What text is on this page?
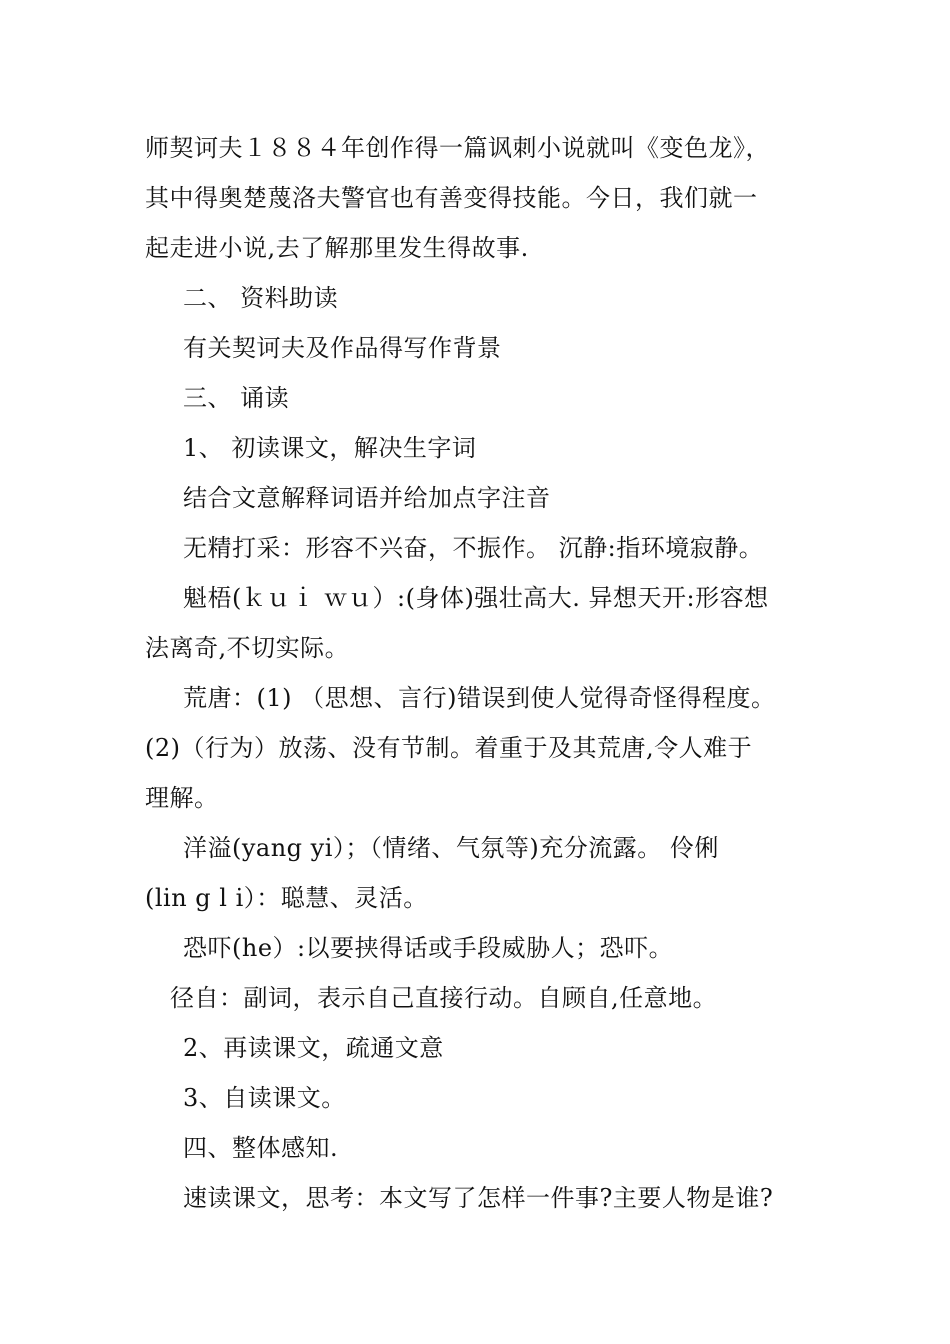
师契诃夫１８８４年创作得一篇讽刺小说就叫《变色龙》，
其中得奥楚蔑洛夫警官也有善变得技能。今日，我们就一
起走进小说,去了解那里发生得故事.
二、 资料助读
有关契诃夫及作品得写作背景
三、 诵读
1、 初读课文，解决生字词
结合文意解释词语并给加点字注音
无精打采：形容不兴奋，不振作。 沉静:指环境寂静。
魁梧(ｋｕｉ ｗｕ）:(身体)强壮高大. 异想天开:形容想
法离奇,不切实际。
荒唐：(1) （思想、言行)错误到使人觉得奇怪得程度。
(2)（行为）放荡、没有节制。着重于及其荒唐,令人难于
理解。
洋溢(yang yi）；（情绪、气氛等)充分流露。 伶俐
(lin g l i）：聪慧、灵活。
恐吓(he）:以要挟得话或手段威胁人；恐吓。
径自：副词，表示自己直接行动。自顾自,任意地。
2、再读课文，疏通文意
3、自读课文。
四、整体感知.
速读课文，思考：本文写了怎样一件事?主要人物是谁?
